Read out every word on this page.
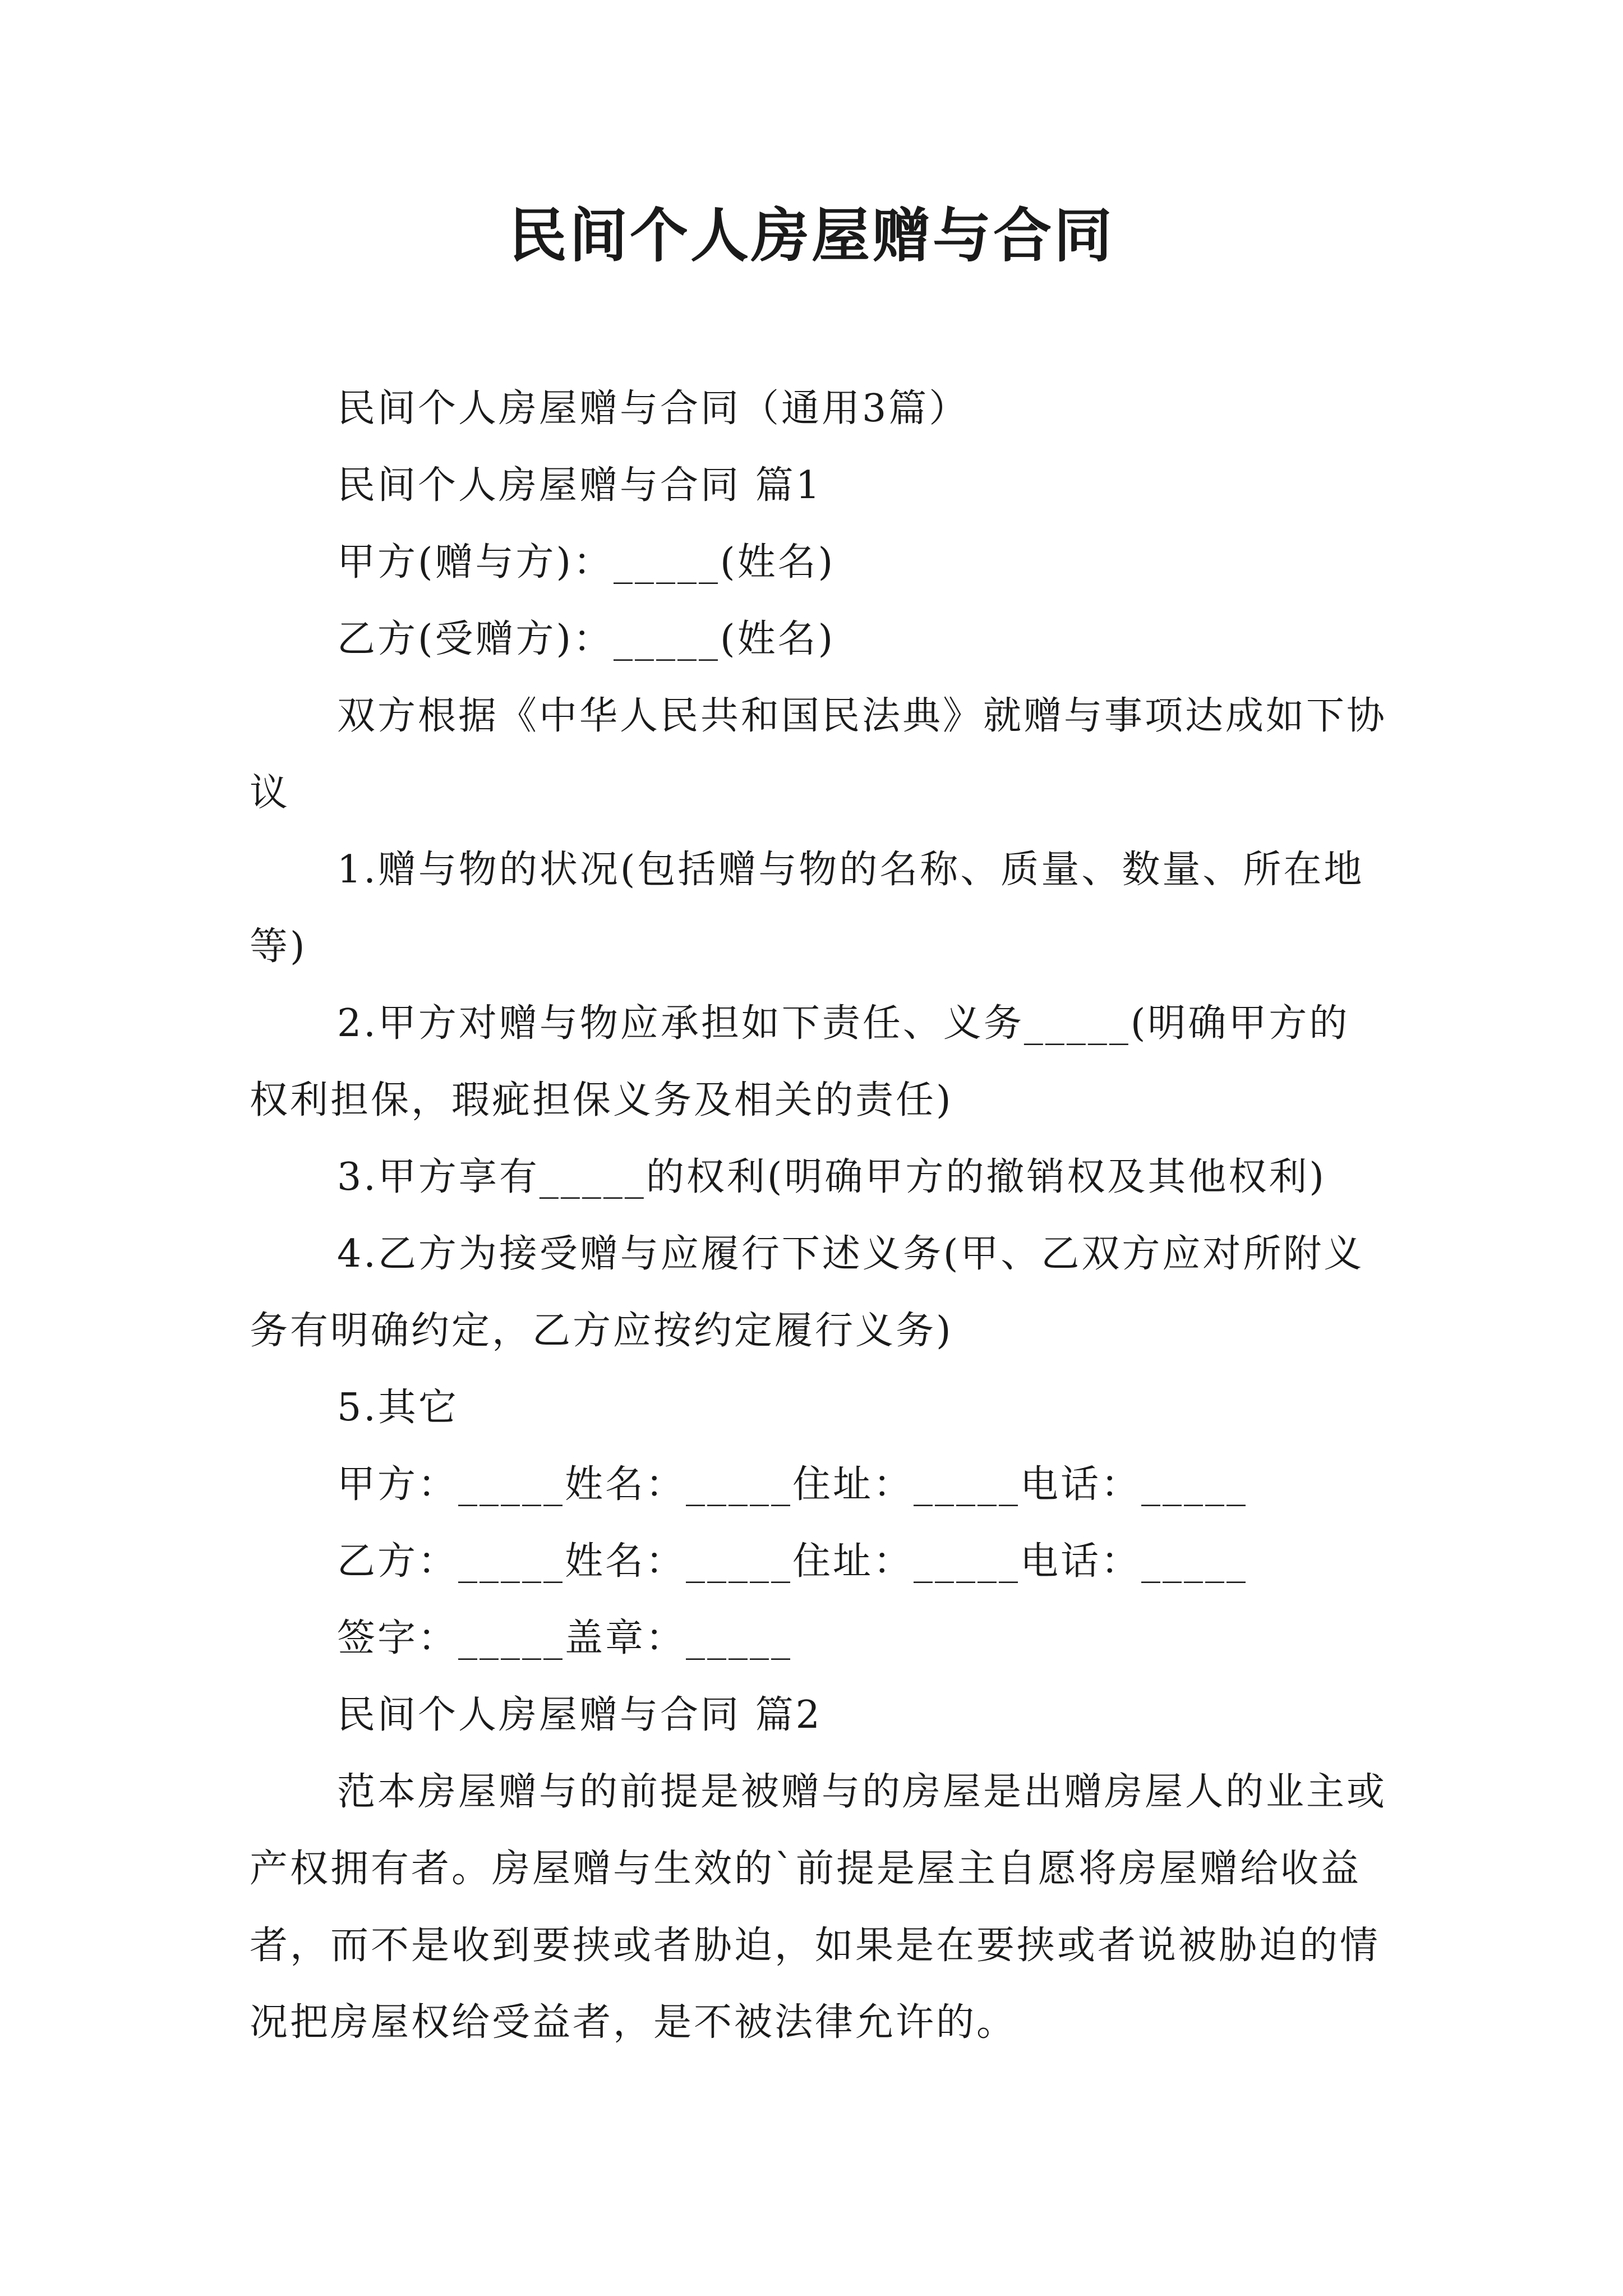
民间个人房屋赠与合同

民间个人房屋赠与合同（通用3篇）

民间个人房屋赠与合同 篇1

甲方(赠与方)：_____(姓名)

乙方(受赠方)：_____(姓名)

双方根据《中华人民共和国民法典》就赠与事项达成如下协议

1.赠与物的状况(包括赠与物的名称、质量、数量、所在地等)

2.甲方对赠与物应承担如下责任、义务_____(明确甲方的权利担保，瑕疵担保义务及相关的责任)

3.甲方享有_____的权利(明确甲方的撤销权及其他权利)

4.乙方为接受赠与应履行下述义务(甲、乙双方应对所附义务有明确约定，乙方应按约定履行义务)

5.其它

甲方：_____姓名：_____住址：_____电话：_____

乙方：_____姓名：_____住址：_____电话：_____

签字：_____盖章：_____

民间个人房屋赠与合同 篇2

范本房屋赠与的前提是被赠与的房屋是出赠房屋人的业主或产权拥有者。房屋赠与生效的`前提是屋主自愿将房屋赠给收益者，而不是收到要挟或者胁迫，如果是在要挟或者说被胁迫的情况把房屋权给受益者，是不被法律允许的。
